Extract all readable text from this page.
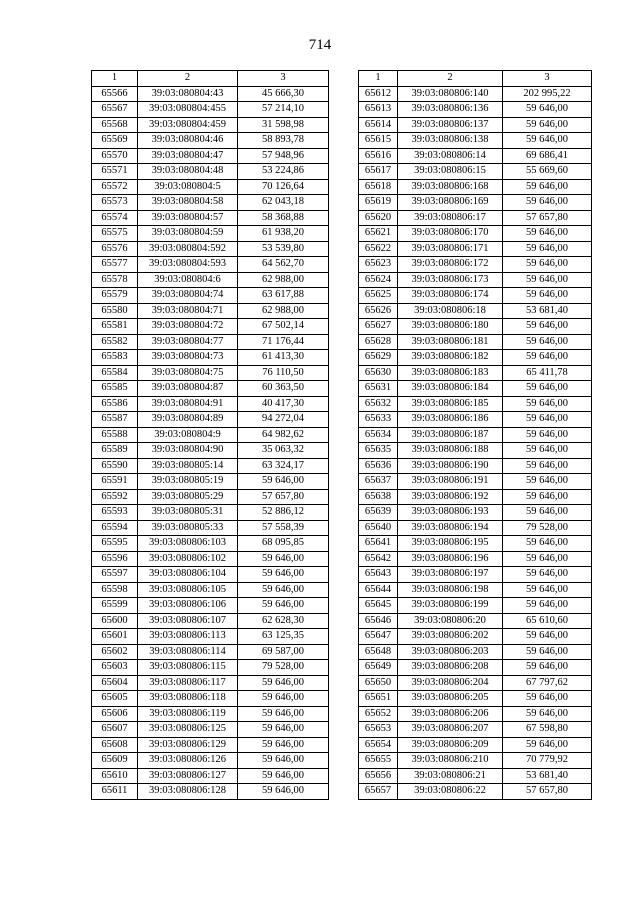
714
1	2	3
65566	39:03:080804:43	45 666,30
65567	39:03:080804:455	57 214,10
65568	39:03:080804:459	31 598,98
65569	39:03:080804:46	58 893,78
65570	39:03:080804:47	57 948,96
65571	39:03:080804:48	53 224,86
65572	39:03:080804:5	70 126,64
65573	39:03:080804:58	62 043,18
65574	39:03:080804:57	58 368,88
65575	39:03:080804:59	61 938,20
65576	39:03:080804:592	53 539,80
65577	39:03:080804:593	64 562,70
65578	39:03:080804:6	62 988,00
65579	39:03:080804:74	63 617,88
65580	39:03:080804:71	62 988,00
65581	39:03:080804:72	67 502,14
65582	39:03:080804:77	71 176,44
65583	39:03:080804:73	61 413,30
65584	39:03:080804:75	76 110,50
65585	39:03:080804:87	60 363,50
65586	39:03:080804:91	40 417,30
65587	39:03:080804:89	94 272,04
65588	39:03:080804:9	64 982,62
65589	39:03:080804:90	35 063,32
65590	39:03:080805:14	63 324,17
65591	39:03:080805:19	59 646,00
65592	39:03:080805:29	57 657,80
65593	39:03:080805:31	52 886,12
65594	39:03:080805:33	57 558,39
65595	39:03:080806:103	68 095,85
65596	39:03:080806:102	59 646,00
65597	39:03:080806:104	59 646,00
65598	39:03:080806:105	59 646,00
65599	39:03:080806:106	59 646,00
65600	39:03:080806:107	62 628,30
65601	39:03:080806:113	63 125,35
65602	39:03:080806:114	69 587,00
65603	39:03:080806:115	79 528,00
65604	39:03:080806:117	59 646,00
65605	39:03:080806:118	59 646,00
65606	39:03:080806:119	59 646,00
65607	39:03:080806:125	59 646,00
65608	39:03:080806:129	59 646,00
65609	39:03:080806:126	59 646,00
65610	39:03:080806:127	59 646,00
65611	39:03:080806:128	59 646,00
1	2	3
65612	39:03:080806:140	202 995,22
65613	39:03:080806:136	59 646,00
65614	39:03:080806:137	59 646,00
65615	39:03:080806:138	59 646,00
65616	39:03:080806:14	69 686,41
65617	39:03:080806:15	55 669,60
65618	39:03:080806:168	59 646,00
65619	39:03:080806:169	59 646,00
65620	39:03:080806:17	57 657,80
65621	39:03:080806:170	59 646,00
65622	39:03:080806:171	59 646,00
65623	39:03:080806:172	59 646,00
65624	39:03:080806:173	59 646,00
65625	39:03:080806:174	59 646,00
65626	39:03:080806:18	53 681,40
65627	39:03:080806:180	59 646,00
65628	39:03:080806:181	59 646,00
65629	39:03:080806:182	59 646,00
65630	39:03:080806:183	65 411,78
65631	39:03:080806:184	59 646,00
65632	39:03:080806:185	59 646,00
65633	39:03:080806:186	59 646,00
65634	39:03:080806:187	59 646,00
65635	39:03:080806:188	59 646,00
65636	39:03:080806:190	59 646,00
65637	39:03:080806:191	59 646,00
65638	39:03:080806:192	59 646,00
65639	39:03:080806:193	59 646,00
65640	39:03:080806:194	79 528,00
65641	39:03:080806:195	59 646,00
65642	39:03:080806:196	59 646,00
65643	39:03:080806:197	59 646,00
65644	39:03:080806:198	59 646,00
65645	39:03:080806:199	59 646,00
65646	39:03:080806:20	65 610,60
65647	39:03:080806:202	59 646,00
65648	39:03:080806:203	59 646,00
65649	39:03:080806:208	59 646,00
65650	39:03:080806:204	67 797,62
65651	39:03:080806:205	59 646,00
65652	39:03:080806:206	59 646,00
65653	39:03:080806:207	67 598,80
65654	39:03:080806:209	59 646,00
65655	39:03:080806:210	70 779,92
65656	39:03:080806:21	53 681,40
65657	39:03:080806:22	57 657,80
